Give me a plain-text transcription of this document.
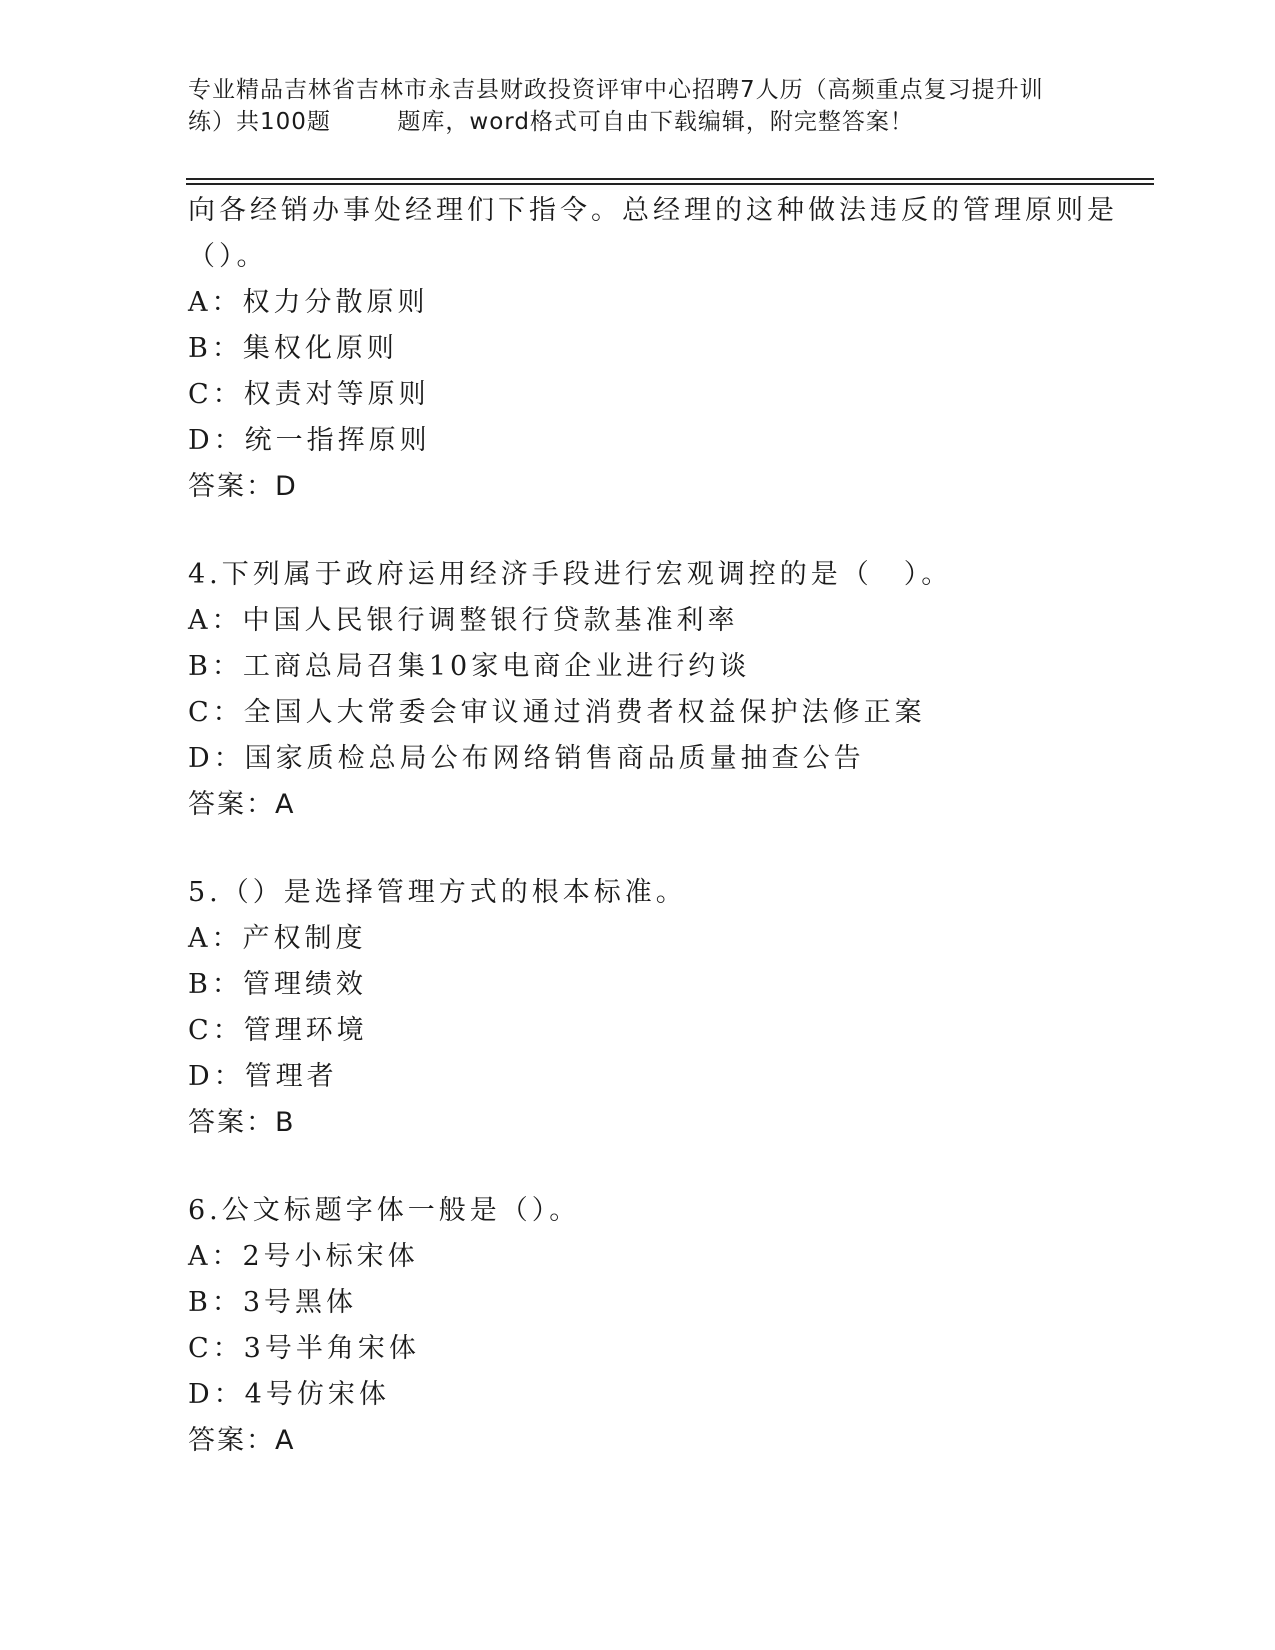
专业精品吉林省吉林市永吉县财政投资评审中心招聘7人历（高频重点复习提升训
练）共100题        题库，word格式可自由下载编辑，附完整答案！
向各经销办事处经理们下指令。总经理的这种做法违反的管理原则是
（）。
A：权力分散原则
B：集权化原则
C：权责对等原则
D：统一指挥原则
答案：D
4.下列属于政府运用经济手段进行宏观调控的是（　）。
A：中国人民银行调整银行贷款基准利率
B：工商总局召集10家电商企业进行约谈
C：全国人大常委会审议通过消费者权益保护法修正案
D：国家质检总局公布网络销售商品质量抽查公告
答案：A
5.（）是选择管理方式的根本标准。
A：产权制度
B：管理绩效
C：管理环境
D：管理者
答案：B
6.公文标题字体一般是（）。
A：2号小标宋体
B：3号黑体
C：3号半角宋体
D：4号仿宋体
答案：A
